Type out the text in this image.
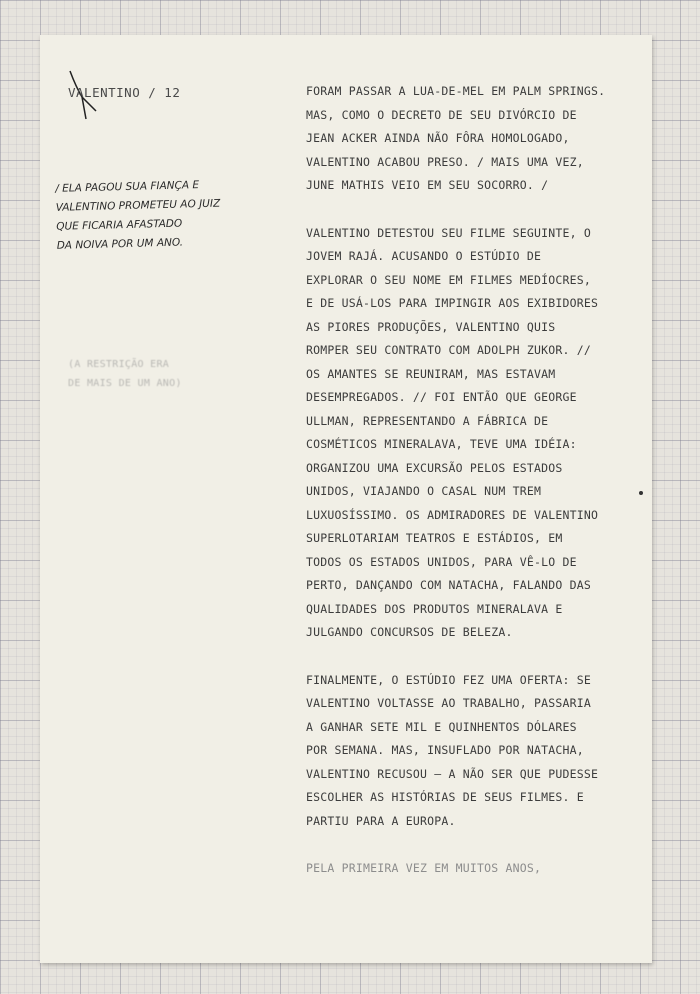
VALENTINO / 12
/ ELA PAGOU SUA FIANÇA E
VALENTINO PROMETEU AO JUIZ
QUE FICARIA AFASTADO
DA NOIVA POR UM ANO.
(A RESTRIÇÃO ERA
DE MAIS DE UM ANO)
FORAM PASSAR A LUA-DE-MEL EM PALM SPRINGS.
MAS, COMO O DECRETO DE SEU DIVÓRCIO DE
JEAN ACKER AINDA NÃO FÔRA HOMOLOGADO,
VALENTINO ACABOU PRESO. / MAIS UMA VEZ,
JUNE MATHIS VEIO EM SEU SOCORRO. /
VALENTINO DETESTOU SEU FILME SEGUINTE, O
JOVEM RAJÁ. ACUSANDO O ESTÚDIO DE
EXPLORAR O SEU NOME EM FILMES MEDÍOCRES,
E DE USÁ-LOS PARA IMPINGIR AOS EXIBIDORES
AS PIORES PRODUÇÕES, VALENTINO QUIS
ROMPER SEU CONTRATO COM ADOLPH ZUKOR. //
OS AMANTES SE REUNIRAM, MAS ESTAVAM
DESEMPREGADOS. // FOI ENTÃO QUE GEORGE
ULLMAN, REPRESENTANDO A FÁBRICA DE
COSMÉTICOS MINERALAVA, TEVE UMA IDÉIA:
ORGANIZOU UMA EXCURSÃO PELOS ESTADOS
UNIDOS, VIAJANDO O CASAL NUM TREM
LUXUOSÍSSIMO. OS ADMIRADORES DE VALENTINO
SUPERLOTARIAM TEATROS E ESTÁDIOS, EM
TODOS OS ESTADOS UNIDOS, PARA VÊ-LO DE
PERTO, DANÇANDO COM NATACHA, FALANDO DAS
QUALIDADES DOS PRODUTOS MINERALAVA E
JULGANDO CONCURSOS DE BELEZA.
FINALMENTE, O ESTÚDIO FEZ UMA OFERTA: SE
VALENTINO VOLTASSE AO TRABALHO, PASSARIA
A GANHAR SETE MIL E QUINHENTOS DÓLARES
POR SEMANA. MAS, INSUFLADO POR NATACHA,
VALENTINO RECUSOU — A NÃO SER QUE PUDESSE
ESCOLHER AS HISTÓRIAS DE SEUS FILMES. E
PARTIU PARA A EUROPA.
PELA PRIMEIRA VEZ EM MUITOS ANOS,
